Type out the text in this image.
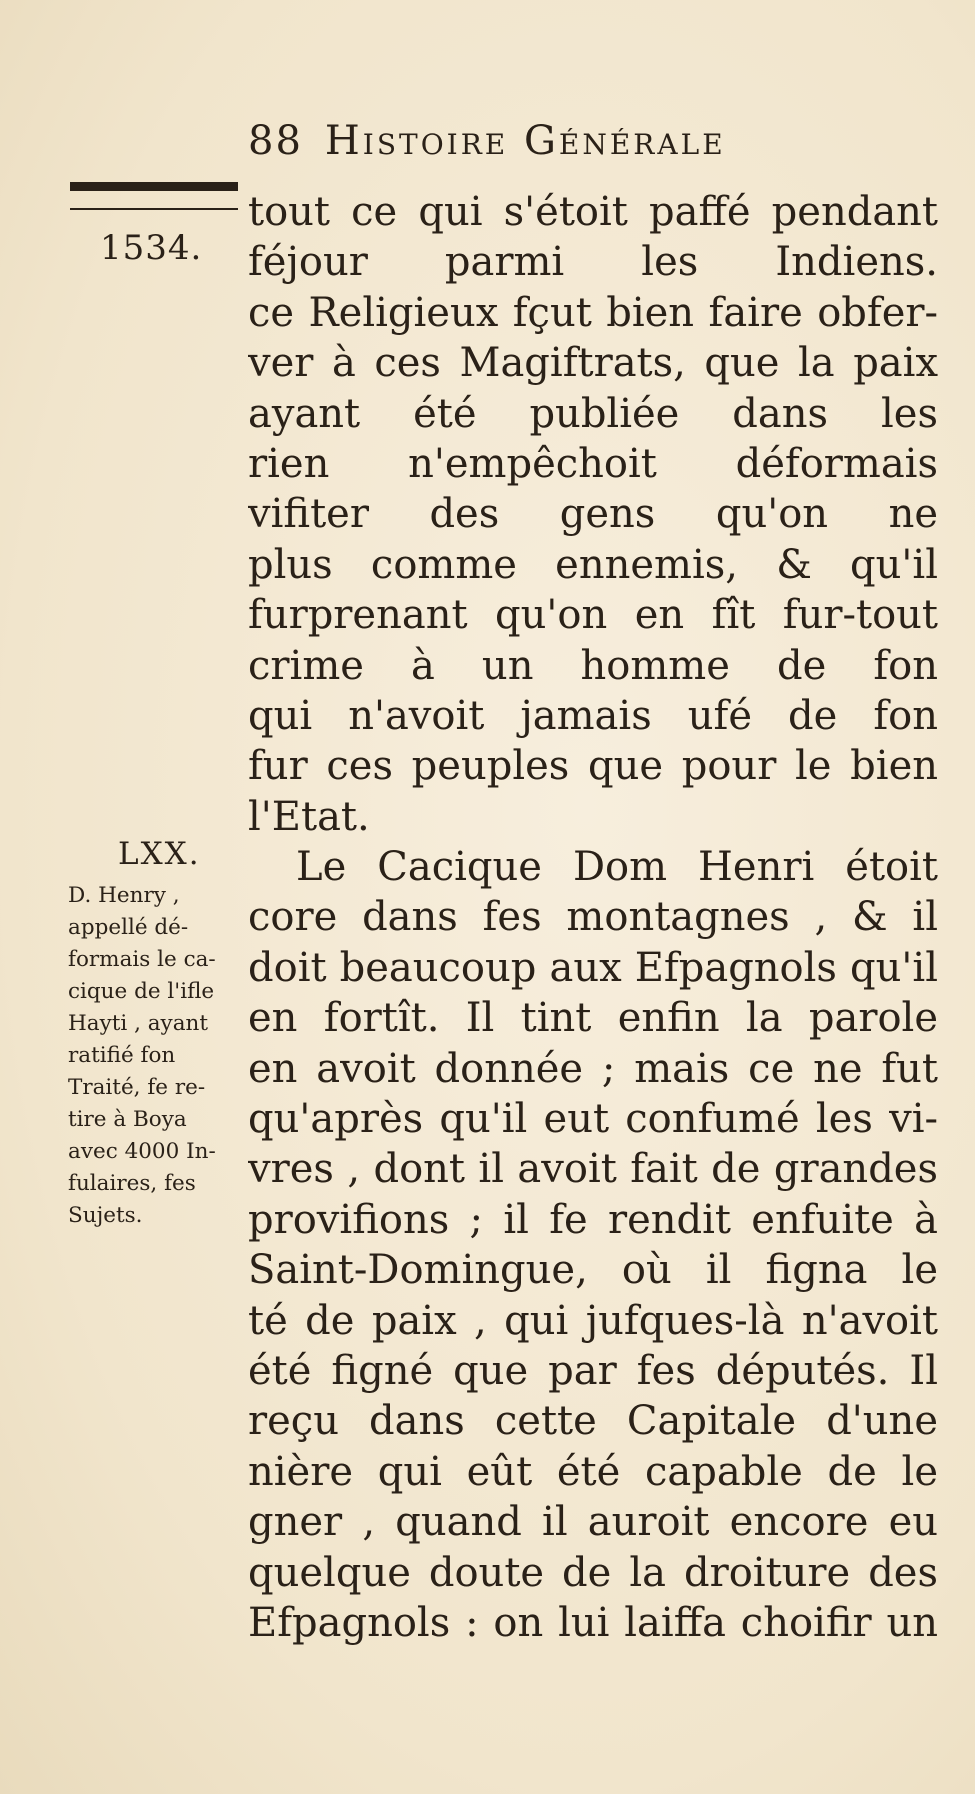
88 Histoire Générale
1534.
LXX.
D. Henry ,
appellé dé-
formais le ca-
cique de l'ifle
Hayti , ayant
ratifié fon
Traité, fe re-
tire à Boya
avec 4000 In-
fulaires, fes
Sujets.
tout ce qui s'étoit paffé pendant
féjour parmi les Indiens.
ce Religieux fçut bien faire obfer-
ver à ces Magiftrats, que la paix
ayant été publiée dans les
rien n'empêchoit déformais
vifiter des gens qu'on ne
plus comme ennemis, & qu'il
furprenant qu'on en fît fur-tout
crime à un homme de fon
qui n'avoit jamais ufé de fon
fur ces peuples que pour le bien
l'Etat.
Le Cacique Dom Henri étoit
core dans fes montagnes , & il
doit beaucoup aux Efpagnols qu'il
en fortît. Il tint enfin la parole
en avoit donnée ; mais ce ne fut
qu'après qu'il eut confumé les vi-
vres , dont il avoit fait de grandes
provifions ; il fe rendit enfuite à
Saint-Domingue, où il figna le
té de paix , qui jufques-là n'avoit
été figné que par fes députés. Il
reçu dans cette Capitale d'une
nière qui eût été capable de le
gner , quand il auroit encore eu
quelque doute de la droiture des
Efpagnols : on lui laiffa choifir un
